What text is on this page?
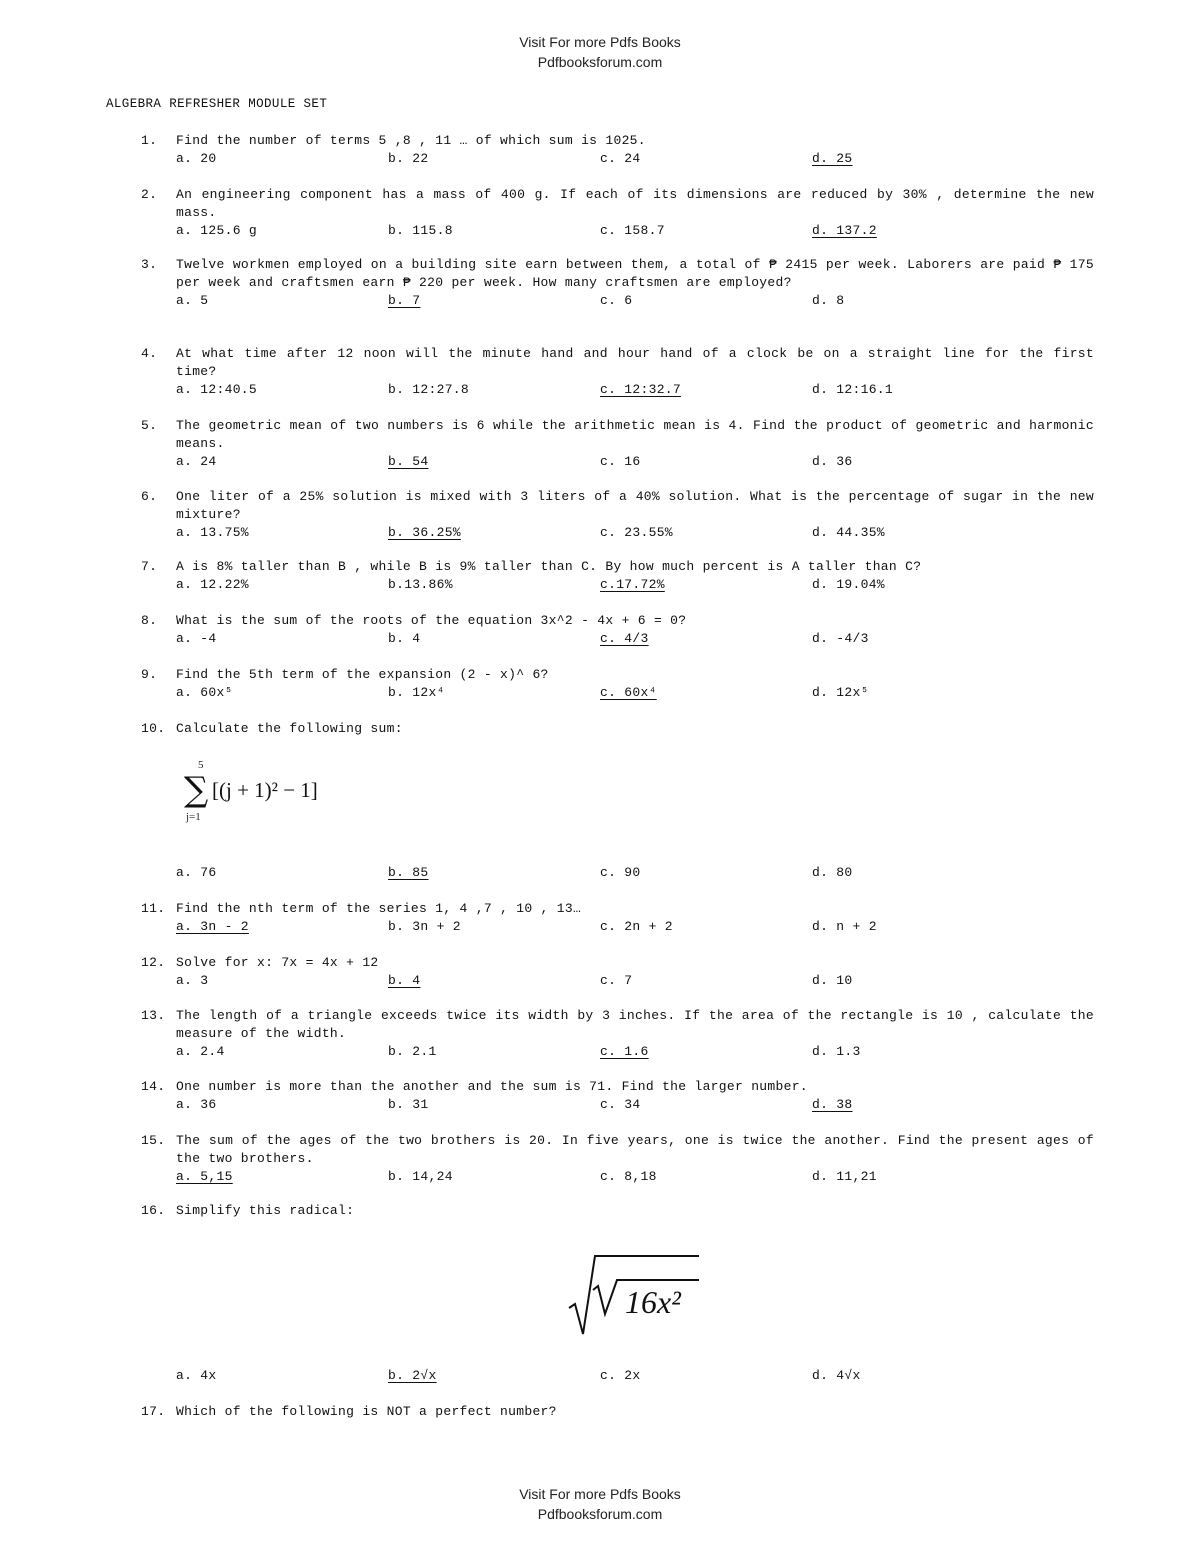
Visit For more Pdfs Books
Pdfbooksforum.com
ALGEBRA REFRESHER MODULE SET
1.	Find the number of terms 5 ,8 , 11 … of which sum is 1025.
a. 20	b. 22	c. 24	d. 25
2.	An engineering component has a mass of 400 g. If each of its dimensions are reduced by 30% , determine the new mass.
a. 125.6 g	b. 115.8	c. 158.7	d. 137.2
3.	Twelve workmen employed on a building site earn between them, a total of ₱ 2415 per week. Laborers are paid ₱ 175 per week and craftsmen earn ₱ 220 per week. How many craftsmen are employed?
a. 5	b. 7	c. 6	d. 8
4.	At what time after 12 noon will the minute hand and hour hand of a clock be on a straight line for the first time?
a. 12:40.5	b. 12:27.8	c. 12:32.7	d. 12:16.1
5.	The geometric mean of two numbers is 6 while the arithmetic mean is 4. Find the product of geometric and harmonic means.
a. 24	b. 54	c. 16	d. 36
6.	One liter of a 25% solution is mixed with 3 liters of a 40% solution. What is the percentage of sugar in the new mixture?
a. 13.75%	b. 36.25%	c. 23.55%	d. 44.35%
7.	A is 8% taller than B , while B is 9% taller than C. By how much percent is A taller than C?
a. 12.22%	b.13.86%	c.17.72%	d. 19.04%
8.	What is the sum of the roots of the equation 3x^2 - 4x + 6 = 0?
a. -4	b. 4	c. 4/3	d. -4/3
9.	Find the 5th term of the expansion (2 - x)^ 6?
a. 60x⁵	b. 12x⁴	c. 60x⁴	d. 12x⁵
10. Calculate the following sum:
a. 76	b. 85	c. 90	d. 80
11. Find the nth term of the series 1, 4 ,7 , 10 , 13…
a. 3n - 2	b. 3n + 2	c. 2n + 2	d. n + 2
12. Solve for x: 7x = 4x + 12
a. 3	b. 4	c. 7	d. 10
13. The length of a triangle exceeds twice its width by 3 inches. If the area of the rectangle is 10 , calculate the measure of the width.
a. 2.4	b. 2.1	c. 1.6	d. 1.3
14. One number is more than the another and the sum is 71. Find the larger number.
a. 36	b. 31	c. 34	d. 38
15. The sum of the ages of the two brothers is 20. In five years, one is twice the another. Find the present ages of the two brothers.
a. 5,15	b. 14,24	c. 8,18	d. 11,21
16. Simplify this radical:
a. 4x	b. 2√x	c. 2x	d. 4√x
17. Which of the following is NOT a perfect number?
5
∑ [(j + 1)² − 1]
j=1
16x²
Visit For more Pdfs Books
Pdfbooksforum.com
